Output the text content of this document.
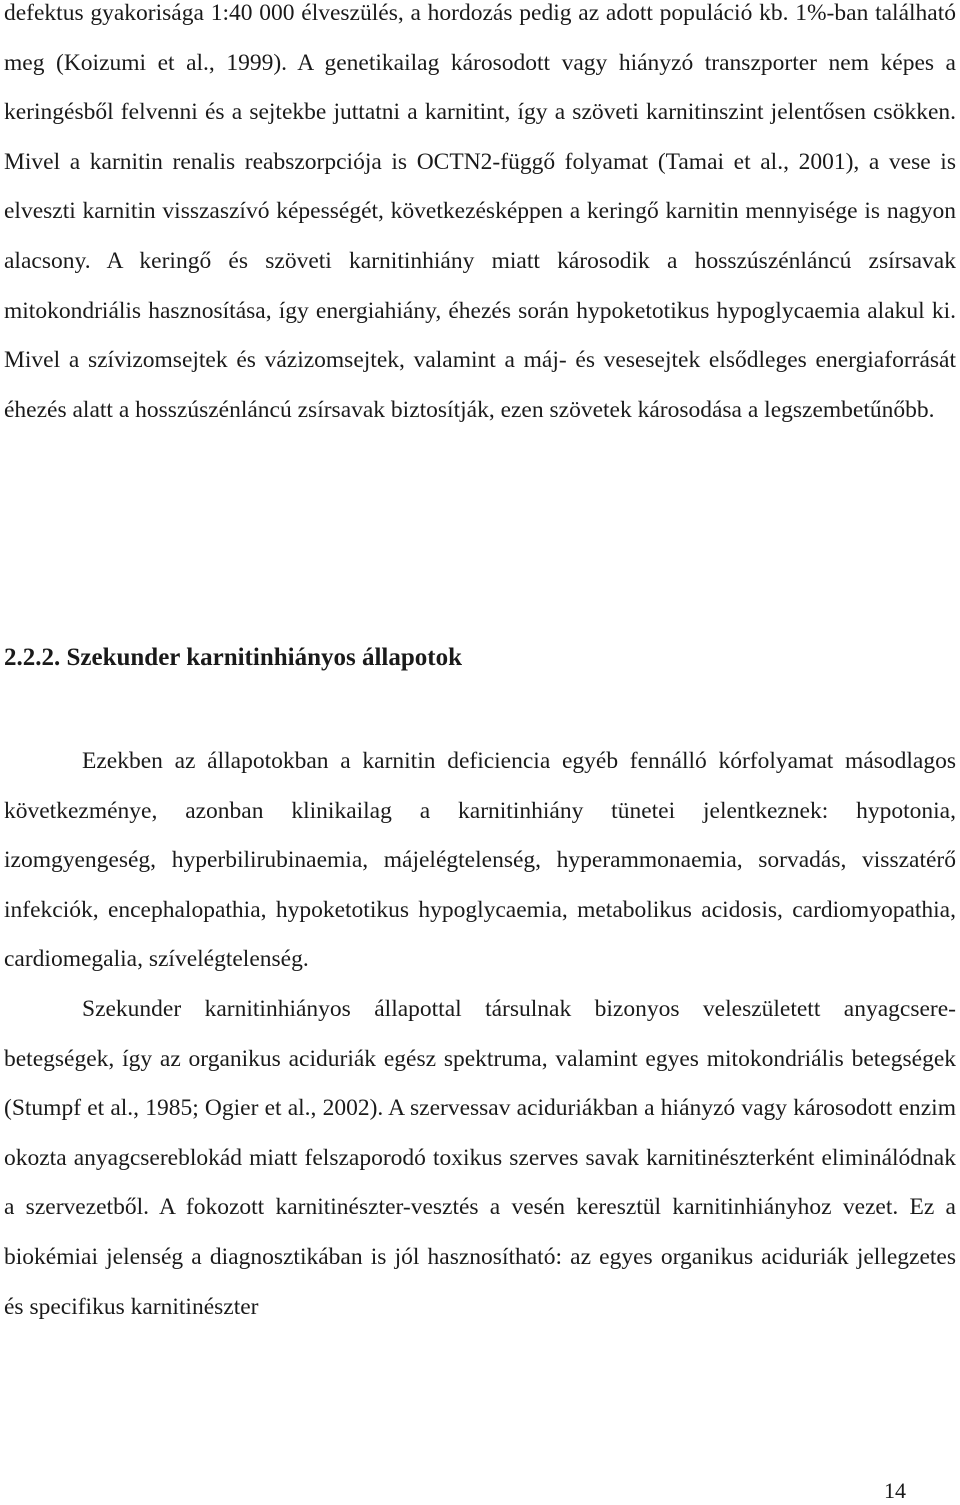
defektus gyakorisága 1:40 000 élveszülés, a hordozás pedig az adott populáció kb. 1%-ban található meg (Koizumi et al., 1999). A genetikailag károsodott vagy hiányzó transzporter nem képes a keringésből felvenni és a sejtekbe juttatni a karnitint, így a szöveti karnitinszint jelentősen csökken. Mivel a karnitin renalis reabszorpciója is OCTN2-függő folyamat (Tamai et al., 2001), a vese is elveszti karnitin visszaszívó képességét, következésképpen a keringő karnitin mennyisége is nagyon alacsony. A keringő és szöveti karnitinhiány miatt károsodik a hosszúszénláncú zsírsavak mitokondriális hasznosítása, így energiahiány, éhezés során hypoketotikus hypoglycaemia alakul ki. Mivel a szívizomsejtek és vázizomsejtek, valamint a máj- és vesesejtek elsődleges energiaforrását éhezés alatt a hosszúszénláncú zsírsavak biztosítják, ezen szövetek károsodása a legszembetűnőbb.

2.2.2. Szekunder karnitinhiányos állapotok

Ezekben az állapotokban a karnitin deficiencia egyéb fennálló kórfolyamat másodlagos következménye, azonban klinikailag a karnitinhiány tünetei jelentkeznek: hypotonia, izomgyengeség, hyperbilirubinaemia, májelégtelenség, hyperammonaemia, sorvadás, visszatérő infekciók, encephalopathia, hypoketotikus hypoglycaemia, metabolikus acidosis, cardiomyopathia, cardiomegalia, szívelégtelenség.

Szekunder karnitinhiányos állapottal társulnak bizonyos veleszületett anyagcsere-betegségek, így az organikus aciduriák egész spektruma, valamint egyes mitokondriális betegségek (Stumpf et al., 1985; Ogier et al., 2002). A szervessav aciduriákban a hiányzó vagy károsodott enzim okozta anyagcsereblokád miatt felszaporodó toxikus szerves savak karnitinészterként eliminálódnak a szervezetből. A fokozott karnitinészter-vesztés a vesén keresztül karnitinhiányhoz vezet. Ez a biokémiai jelenség a diagnosztikában is jól hasznosítható: az egyes organikus aciduriák jellegzetes és specifikus karnitinészter

14
